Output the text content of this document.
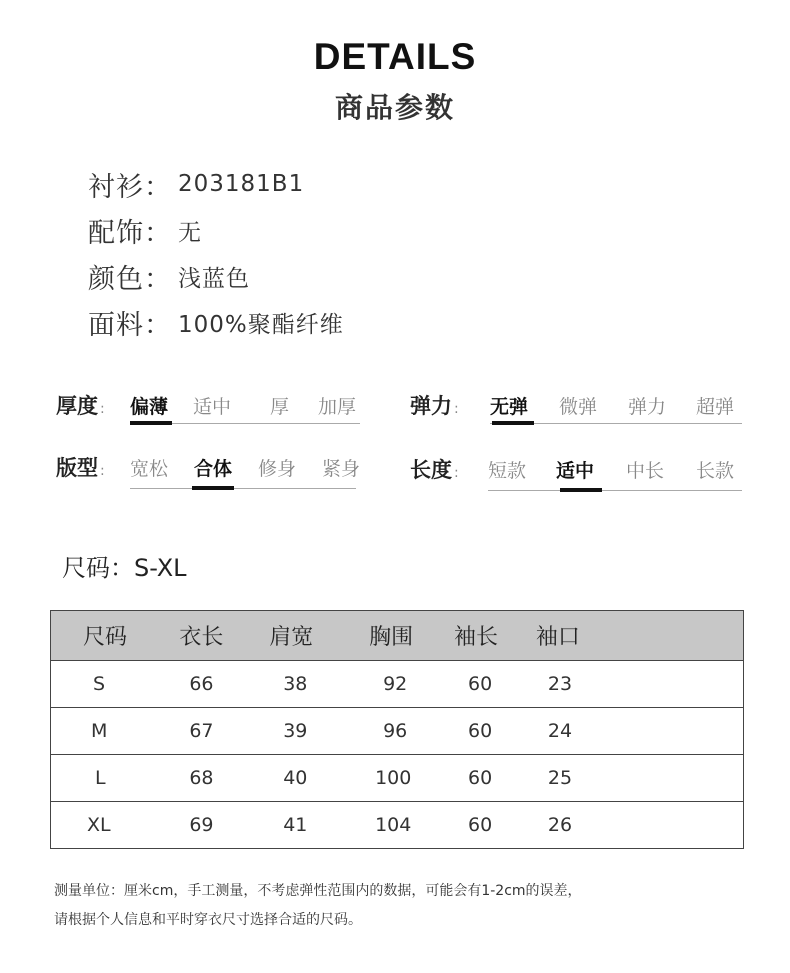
DETAILS
商品参数
衬衫： 203181B1
配饰： 无
颜色： 浅蓝色
面料： 100%聚酯纤维
厚度 : 偏薄 适中 厚 加厚	弹力 : 无弹 微弹 弹力 超弹
版型 : 宽松 合体 修身 紧身 长度 : 短款 适中 中长 长款
尺码：S-XL
尺码	衣长	肩宽	胸围	袖长	袖口
S	66	38	92	60	23
M	67	39	96	60	24
L	68	40	100	60	25
XL	69	41	104	60	26
测量单位：厘米cm，手工测量，不考虑弹性范围内的数据，可能会有1-2cm的误差，
请根据个人信息和平时穿衣尺寸选择合适的尺码。
